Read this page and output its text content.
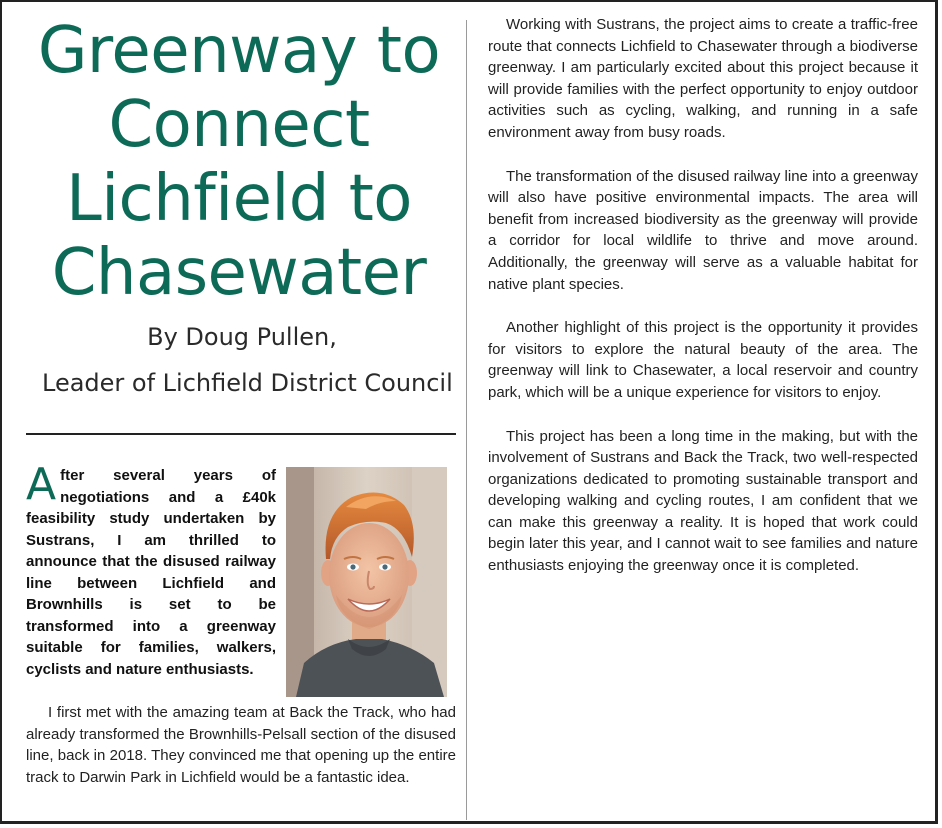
Greenway to Connect Lichfield to Chasewater
By Doug Pullen,
Leader of Lichfield District Council

After several years of negotiations and a £40k feasibility study undertaken by Sustrans, I am thrilled to announce that the disused railway line between Lichfield and Brownhills is set to be transformed into a greenway suitable for families, walkers, cyclists and nature enthusiasts.

I first met with the amazing team at Back the Track, who had already transformed the Brownhills-Pelsall section of the disused line, back in 2018. They convinced me that opening up the entire track to Darwin Park in Lichfield would be a fantastic idea.

Working with Sustrans, the project aims to create a traffic-free route that connects Lichfield to Chasewater through a biodiverse greenway. I am particularly excited about this project because it will provide families with the perfect opportunity to enjoy outdoor activities such as cycling, walking, and running in a safe environment away from busy roads.

The transformation of the disused railway line into a greenway will also have positive environmental impacts. The area will benefit from increased biodiversity as the greenway will provide a corridor for local wildlife to thrive and move around. Additionally, the greenway will serve as a valuable habitat for native plant species.

Another highlight of this project is the opportunity it provides for visitors to explore the natural beauty of the area. The greenway will link to Chasewater, a local reservoir and country park, which will be a unique experience for visitors to enjoy.

This project has been a long time in the making, but with the involvement of Sustrans and Back the Track, two well-respected organizations dedicated to promoting sustainable transport and developing walking and cycling routes, I am confident that we can make this greenway a reality. It is hoped that work could begin later this year, and I cannot wait to see families and nature enthusiasts enjoying the greenway once it is completed.
